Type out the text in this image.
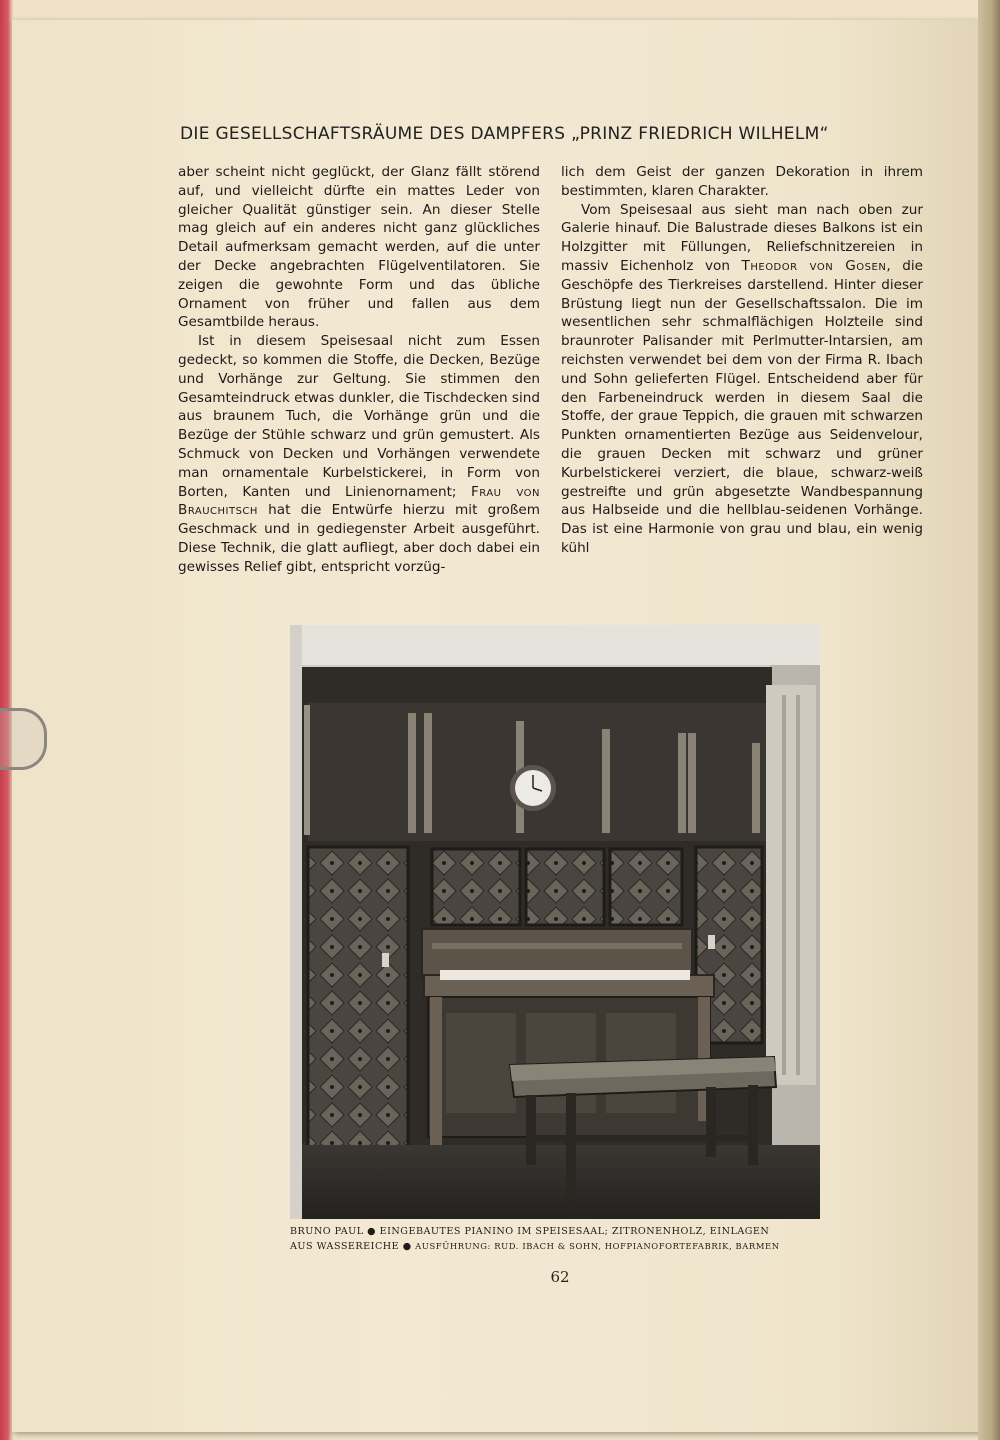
DIE GESELLSCHAFTSRÄUME DES DAMPFERS „PRINZ FRIEDRICH WILHELM“

aber scheint nicht geglückt, der Glanz fällt störend auf, und vielleicht dürfte ein mattes Leder von gleicher Qualität günstiger sein. An dieser Stelle mag gleich auf ein anderes nicht ganz glückliches Detail aufmerksam gemacht werden, auf die unter der Decke angebrachten Flügelventilatoren. Sie zeigen die gewohnte Form und das übliche Ornament von früher und fallen aus dem Gesamtbilde heraus.

Ist in diesem Speisesaal nicht zum Essen gedeckt, so kommen die Stoffe, die Decken, Bezüge und Vorhänge zur Geltung. Sie stimmen den Gesamteindruck etwas dunkler, die Tischdecken sind aus braunem Tuch, die Vorhänge grün und die Bezüge der Stühle schwarz und grün gemustert. Als Schmuck von Decken und Vorhängen verwendete man ornamentale Kurbelstickerei, in Form von Borten, Kanten und Linienornament; Frau von Brauchitsch hat die Entwürfe hierzu mit großem Geschmack und in gediegenster Arbeit ausgeführt. Diese Technik, die glatt aufliegt, aber doch dabei ein gewisses Relief gibt, entspricht vorzüg-

lich dem Geist der ganzen Dekoration in ihrem bestimmten, klaren Charakter.

Vom Speisesaal aus sieht man nach oben zur Galerie hinauf. Die Balustrade dieses Balkons ist ein Holzgitter mit Füllungen, Reliefschnitzereien in massiv Eichenholz von Theodor von Gosen, die Geschöpfe des Tierkreises darstellend. Hinter dieser Brüstung liegt nun der Gesellschaftssalon. Die im wesentlichen sehr schmalflächigen Holzteile sind braunroter Palisander mit Perlmutter-Intarsien, am reichsten verwendet bei dem von der Firma R. Ibach und Sohn gelieferten Flügel. Entscheidend aber für den Farbeneindruck werden in diesem Saal die Stoffe, der graue Teppich, die grauen mit schwarzen Punkten ornamentierten Bezüge aus Seidenvelour, die grauen Decken mit schwarz und grüner Kurbelstickerei verziert, die blaue, schwarz-weiß gestreifte und grün abgesetzte Wandbespannung aus Halbseide und die hellblau-seidenen Vorhänge. Das ist eine Harmonie von grau und blau, ein wenig kühl

BRUNO PAUL ● EINGEBAUTES PIANINO IM SPEISESAAL; ZITRONENHOLZ, EINLAGEN
AUS WASSEREICHE ● AUSFÜHRUNG: RUD. IBACH & SOHN, HOFPIANOFORTEFABRIK, BARMEN
62
